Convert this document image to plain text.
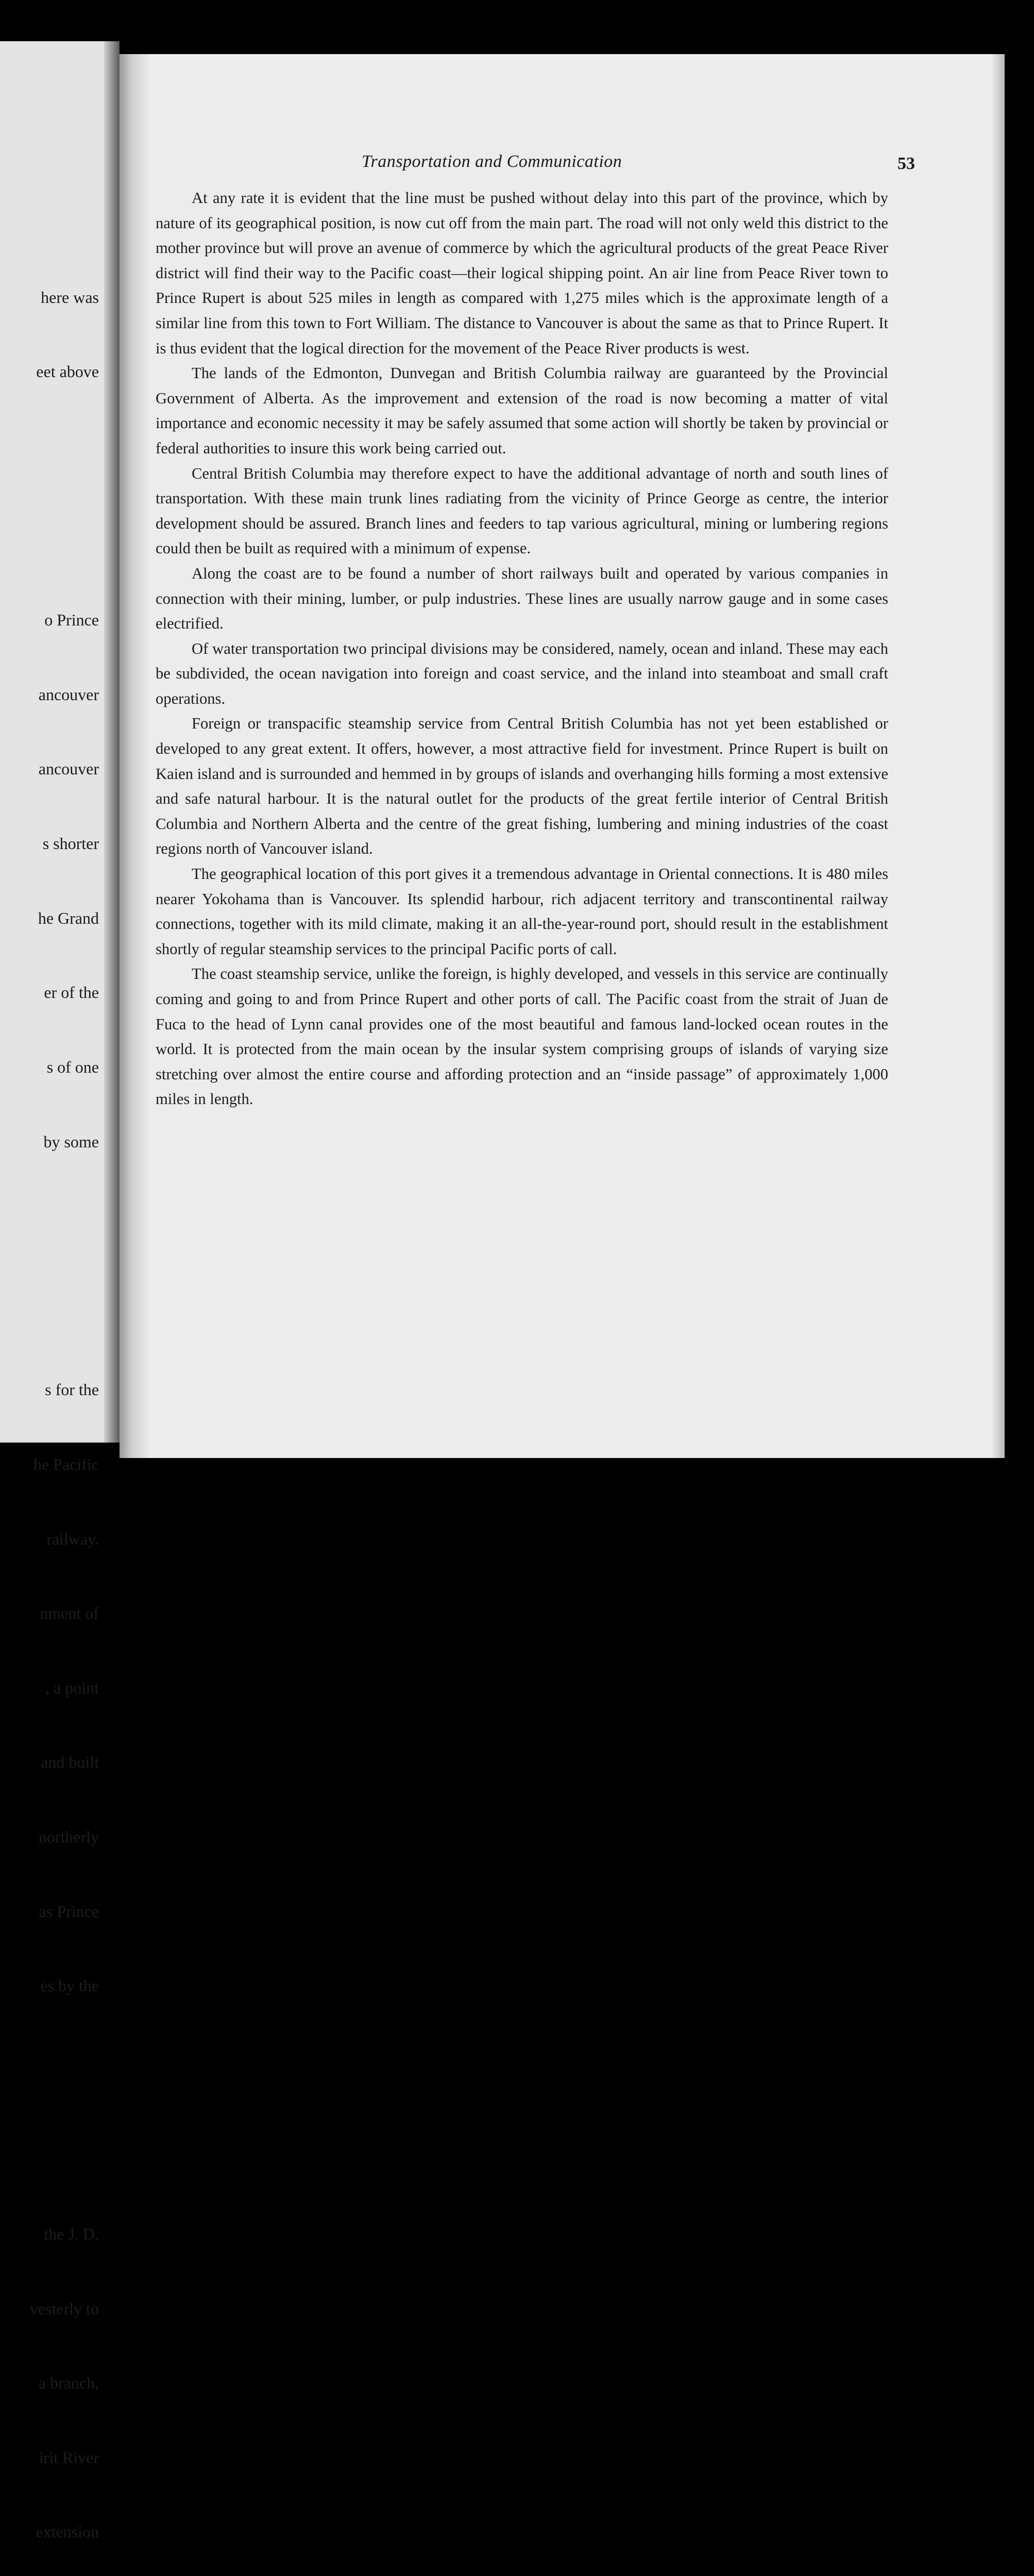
here was

eet above

o Prince

ancouver

ancouver

s shorter

he Grand

er of the

s of one

by some

s for the

he Pacific

railway.

nment of

, a point

and built

northerly

as Prince

es by the

the J. D.

vesterly to

a branch,

irit River

extension

Transportation and Communication	53

At any rate it is evident that the line must be pushed without delay into this part of the province, which by nature of its geographical position, is now cut off from the main part. The road will not only weld this district to the mother province but will prove an avenue of commerce by which the agricultural products of the great Peace River district will find their way to the Pacific coast—their logical shipping point. An air line from Peace River town to Prince Rupert is about 525 miles in length as compared with 1,275 miles which is the approximate length of a similar line from this town to Fort William. The distance to Vancouver is about the same as that to Prince Rupert. It is thus evident that the logical direction for the movement of the Peace River products is west.

The lands of the Edmonton, Dunvegan and British Columbia railway are guaranteed by the Provincial Government of Alberta. As the improvement and extension of the road is now becoming a matter of vital importance and economic necessity it may be safely assumed that some action will shortly be taken by provincial or federal authorities to insure this work being carried out.

Central British Columbia may therefore expect to have the additional advantage of north and south lines of transportation. With these main trunk lines radiating from the vicinity of Prince George as centre, the interior development should be assured. Branch lines and feeders to tap various agricultural, mining or lumbering regions could then be built as required with a minimum of expense.

Along the coast are to be found a number of short railways built and operated by various companies in connection with their mining, lumber, or pulp industries. These lines are usually narrow gauge and in some cases electrified.

Of water transportation two principal divisions may be considered, namely, ocean and inland. These may each be subdivided, the ocean navigation into foreign and coast service, and the inland into steamboat and small craft operations.

Foreign or transpacific steamship service from Central British Columbia has not yet been established or developed to any great extent. It offers, however, a most attractive field for investment. Prince Rupert is built on Kaien island and is surrounded and hemmed in by groups of islands and overhanging hills forming a most extensive and safe natural harbour. It is the natural outlet for the products of the great fertile interior of Central British Columbia and Northern Alberta and the centre of the great fishing, lumbering and mining industries of the coast regions north of Vancouver island.

The geographical location of this port gives it a tremendous advantage in Oriental connections. It is 480 miles nearer Yokohama than is Vancouver. Its splendid harbour, rich adjacent territory and transcontinental railway connections, together with its mild climate, making it an all-the-year-round port, should result in the establishment shortly of regular steamship services to the principal Pacific ports of call.

The coast steamship service, unlike the foreign, is highly developed, and vessels in this service are continually coming and going to and from Prince Rupert and other ports of call. The Pacific coast from the strait of Juan de Fuca to the head of Lynn canal provides one of the most beautiful and famous land-locked ocean routes in the world. It is protected from the main ocean by the insular system comprising groups of islands of varying size stretching over almost the entire course and affording protection and an “inside passage” of approximately 1,000 miles in length.
